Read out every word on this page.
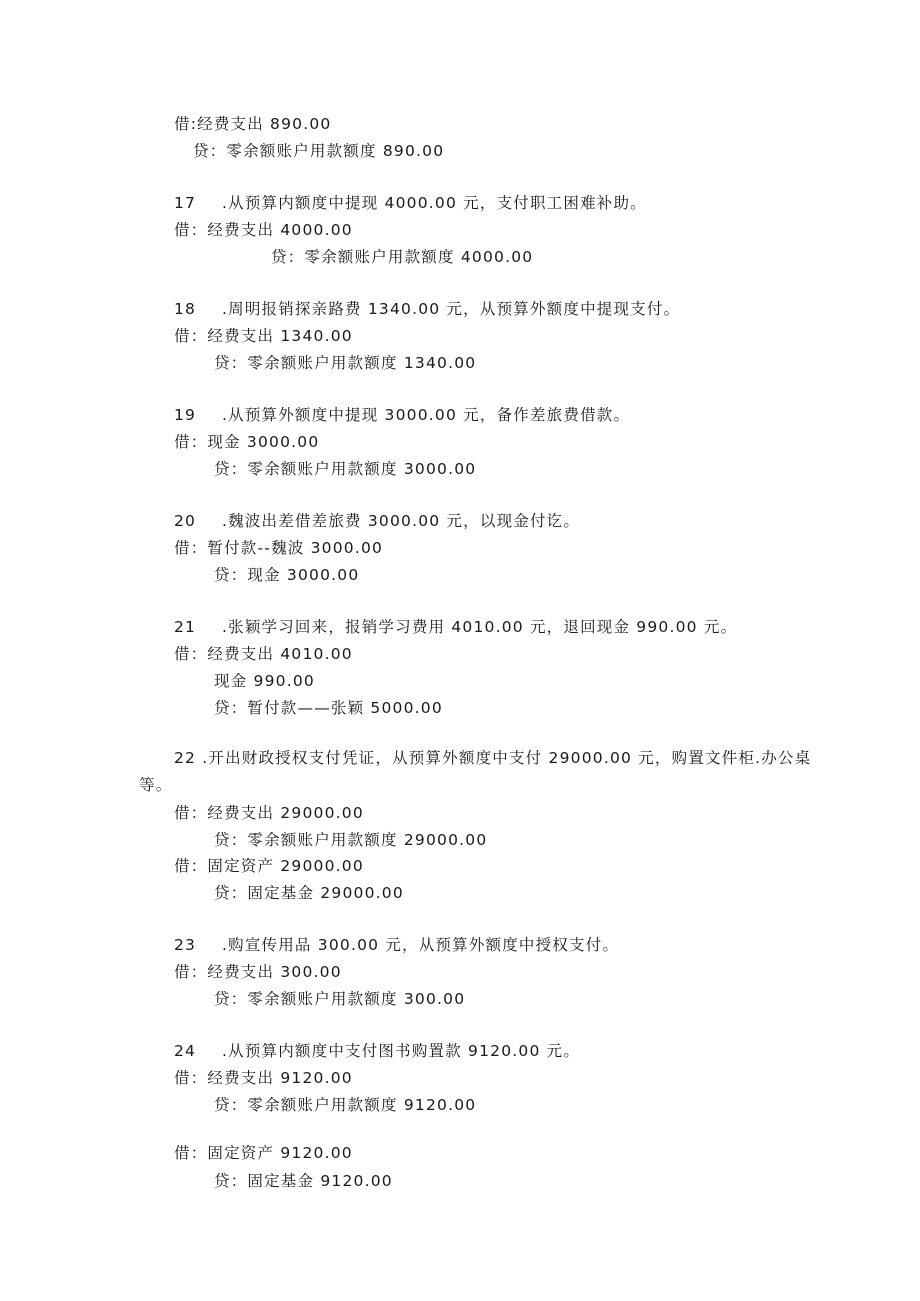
借:经费支出 890.00
贷：零余额账户用款额度 890.00
17 .从预算内额度中提现 4000.00 元，支付职工困难补助。
借：经费支出 4000.00
贷：零余额账户用款额度 4000.00
18 .周明报销探亲路费 1340.00 元，从预算外额度中提现支付。
借：经费支出 1340.00
贷：零余额账户用款额度 1340.00
19 .从预算外额度中提现 3000.00 元，备作差旅费借款。
借：现金 3000.00
贷：零余额账户用款额度 3000.00
20 .魏波出差借差旅费 3000.00 元，以现金付讫。
借：暂付款--魏波 3000.00
贷：现金 3000.00
21 .张颖学习回来，报销学习费用 4010.00 元，退回现金 990.00 元。
借：经费支出 4010.00
现金 990.00
贷：暂付款——张颖 5000.00
22 .开出财政授权支付凭证，从预算外额度中支付 29000.00 元，购置文件柜.办公桌等。
借：经费支出 29000.00
贷：零余额账户用款额度 29000.00
借：固定资产 29000.00
贷：固定基金 29000.00
23 .购宣传用品 300.00 元，从预算外额度中授权支付。
借：经费支出 300.00
贷：零余额账户用款额度 300.00
24 .从预算内额度中支付图书购置款 9120.00 元。
借：经费支出 9120.00
贷：零余额账户用款额度 9120.00
借：固定资产 9120.00
贷：固定基金 9120.00
